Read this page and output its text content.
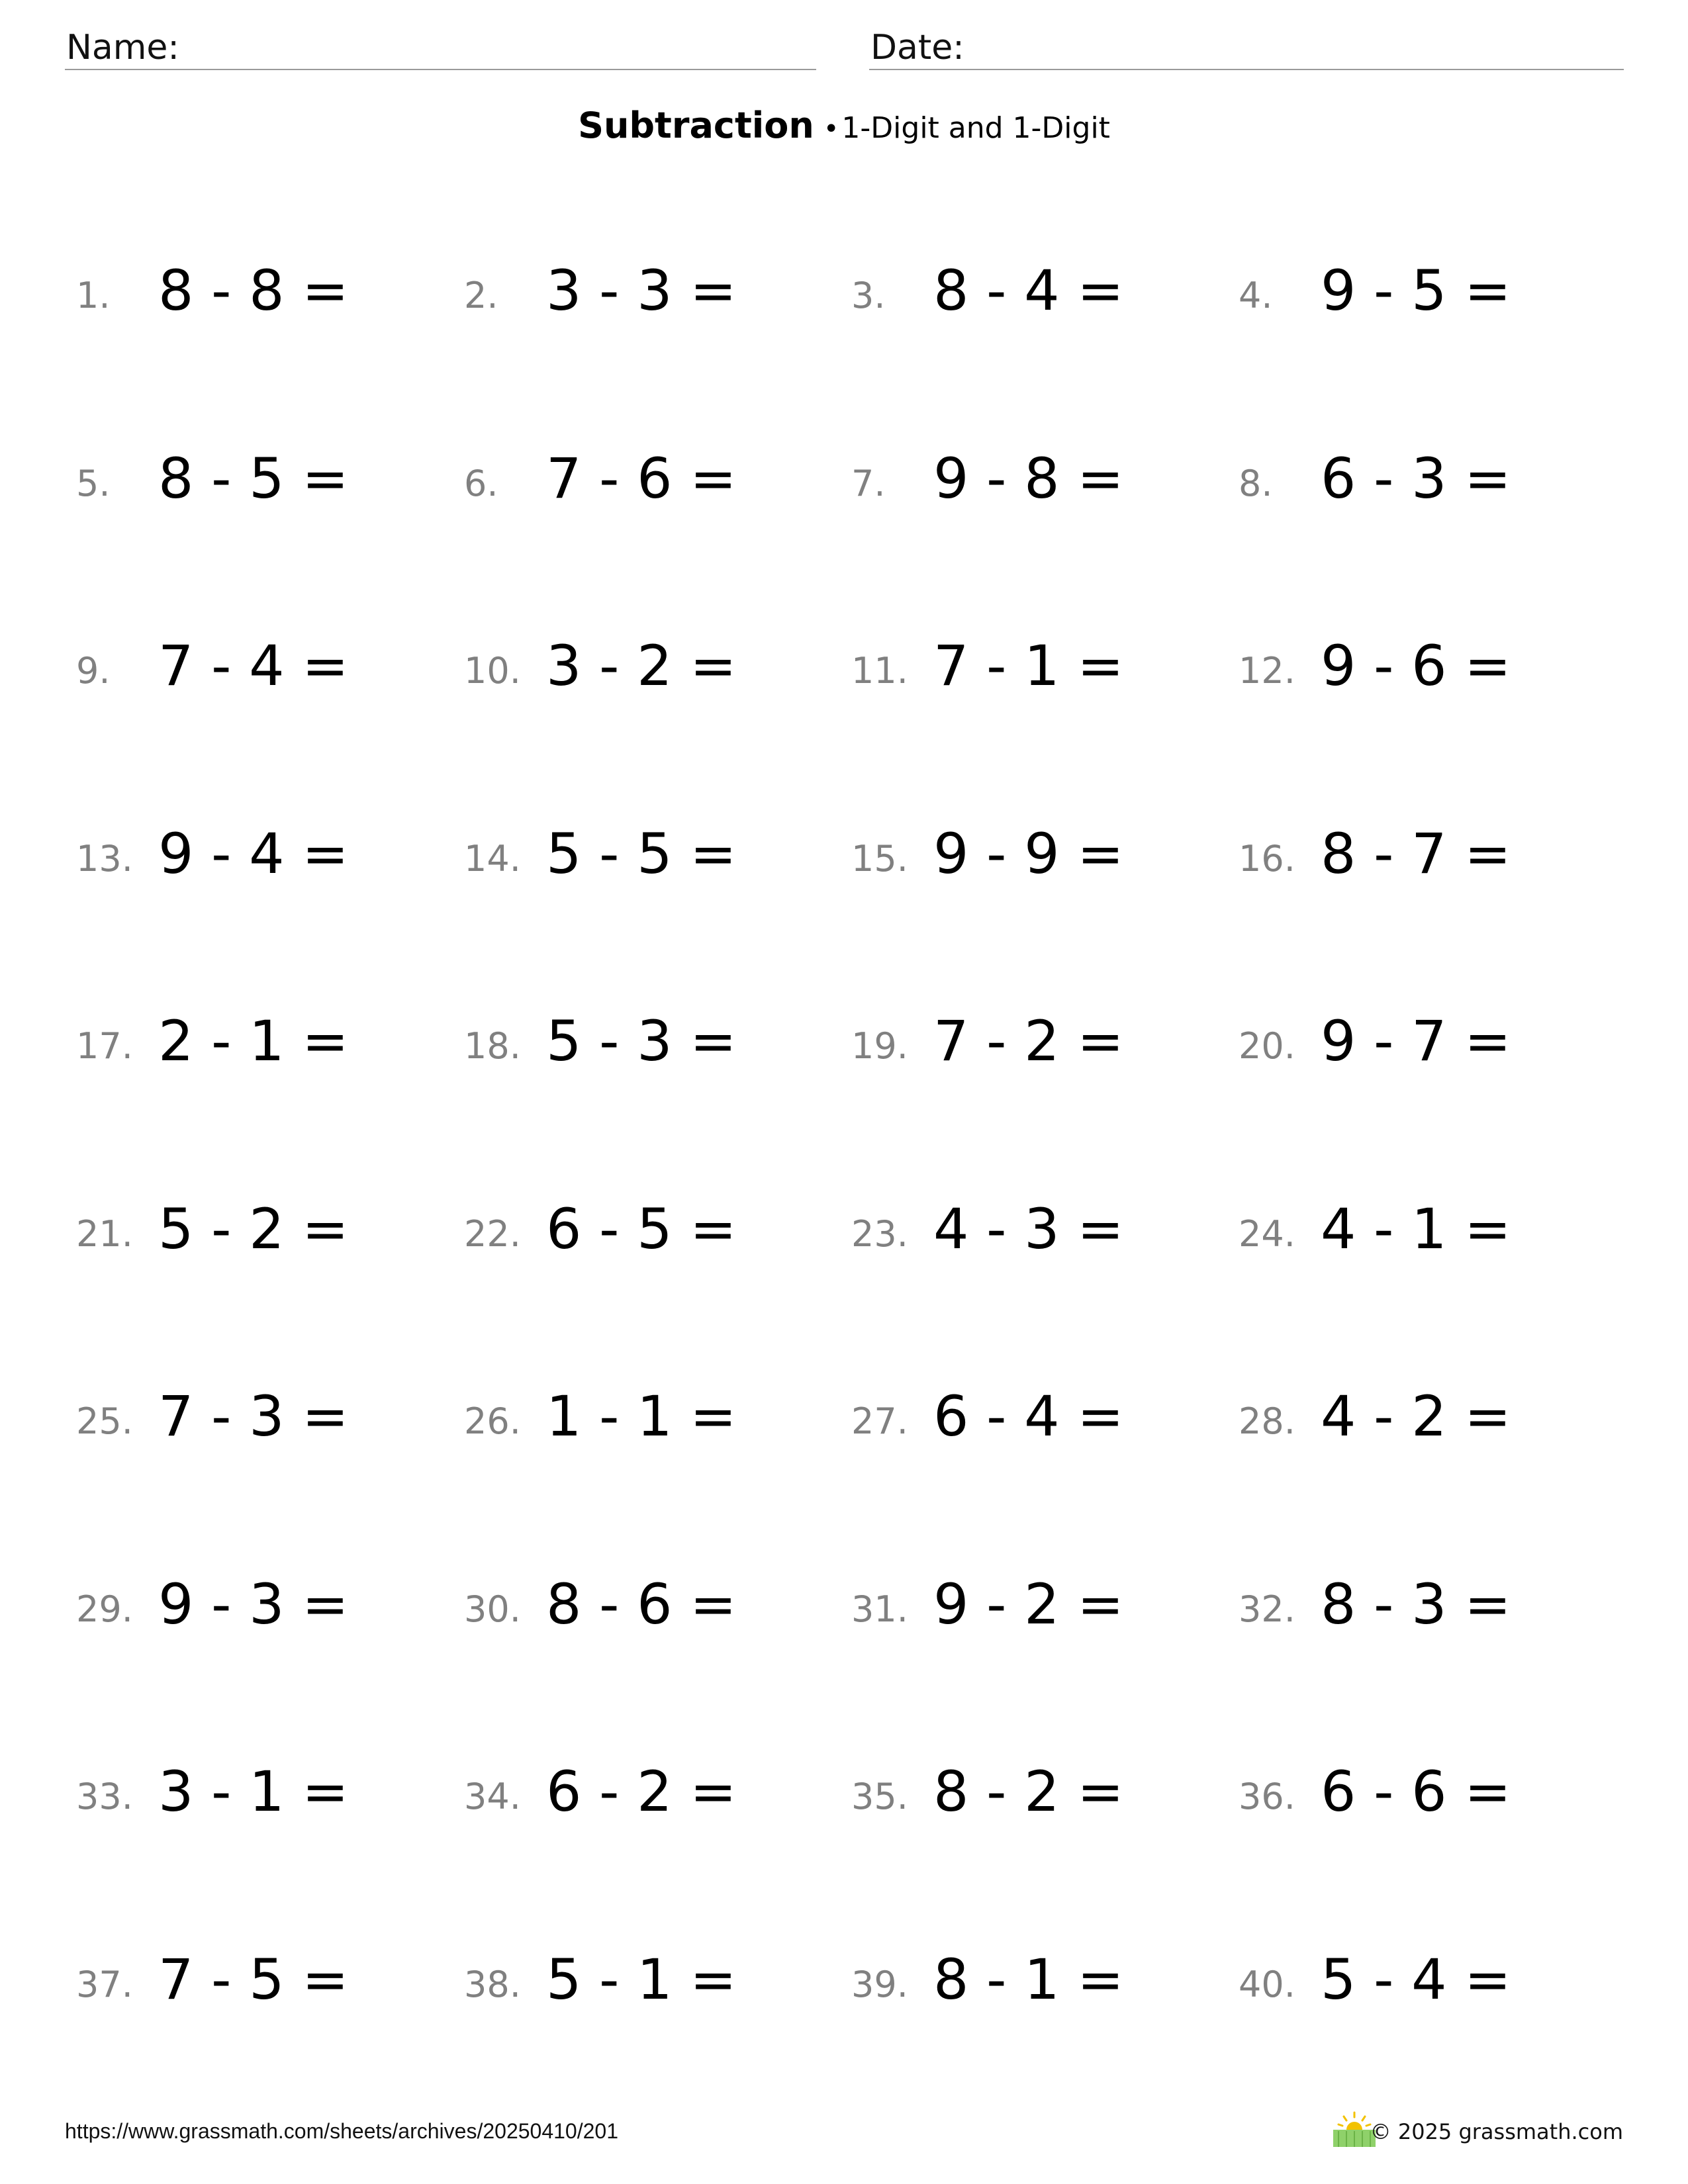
Name:	Date:
Subtraction •1-Digit and 1-Digit
1. 8 - 8 =	2. 3 - 3 =	3. 8 - 4 =	4. 9 - 5 =
5. 8 - 5 =	6. 7 - 6 =	7. 9 - 8 =	8. 6 - 3 =
9. 7 - 4 =	10. 3 - 2 =	11. 7 - 1 =	12. 9 - 6 =
13. 9 - 4 =	14. 5 - 5 =	15. 9 - 9 =	16. 8 - 7 =
17. 2 - 1 =	18. 5 - 3 =	19. 7 - 2 =	20. 9 - 7 =
21. 5 - 2 =	22. 6 - 5 =	23. 4 - 3 =	24. 4 - 1 =
25. 7 - 3 =	26. 1 - 1 =	27. 6 - 4 =	28. 4 - 2 =
29. 9 - 3 =	30. 8 - 6 =	31. 9 - 2 =	32. 8 - 3 =
33. 3 - 1 =	34. 6 - 2 =	35. 8 - 2 =	36. 6 - 6 =
37. 7 - 5 =	38. 5 - 1 =	39. 8 - 1 =	40. 5 - 4 =
https://www.grassmath.com/sheets/archives/20250410/201	© 2025 grassmath.com
